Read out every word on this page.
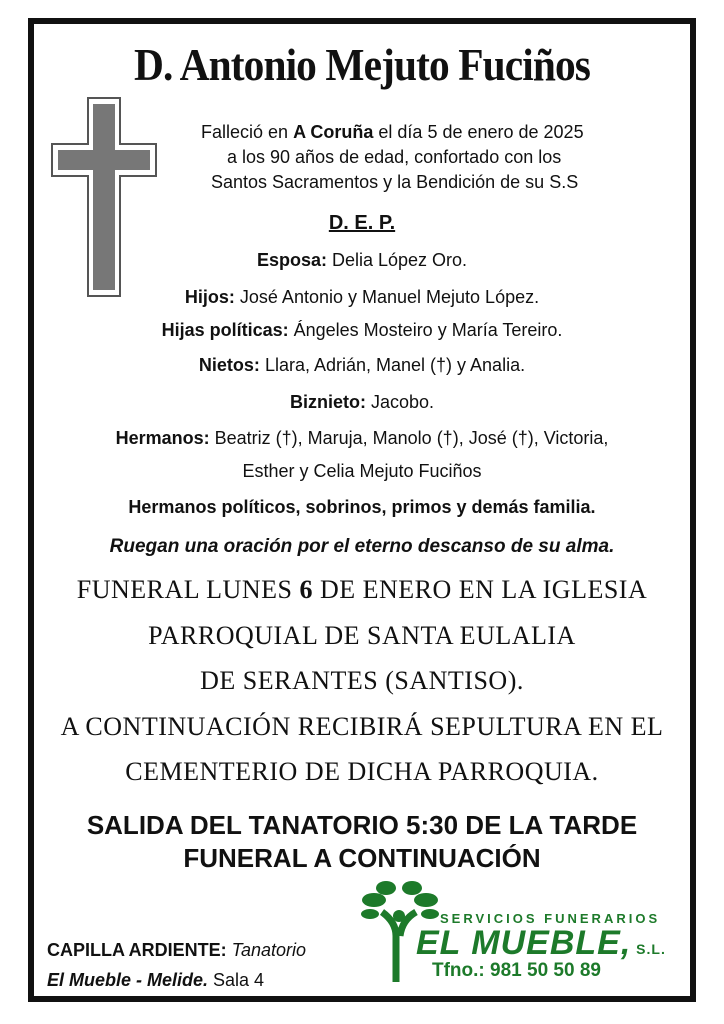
D. Antonio Mejuto Fuciños
Falleció en A Coruña el día 5 de enero de 2025
a los 90 años de edad, confortado con los
Santos Sacramentos y la Bendición de su S.S
D. E. P.
Esposa: Delia López Oro.
Hijos: José Antonio y Manuel Mejuto López.
Hijas políticas: Ángeles Mosteiro y María Tereiro.
Nietos: Llara, Adrián, Manel (†) y Analia.
Biznieto: Jacobo.
Hermanos: Beatriz (†), Maruja, Manolo (†), José (†), Victoria,
Esther y Celia Mejuto Fuciños
Hermanos políticos, sobrinos, primos y demás familia.
Ruegan una oración por el eterno descanso de su alma.
FUNERAL LUNES 6 DE ENERO EN LA IGLESIA
PARROQUIAL DE SANTA EULALIA
DE SERANTES (SANTISO).
A CONTINUACIÓN RECIBIRÁ SEPULTURA EN EL
CEMENTERIO DE DICHA PARROQUIA.
SALIDA DEL TANATORIO 5:30 DE LA TARDE
FUNERAL A CONTINUACIÓN
CAPILLA ARDIENTE: Tanatorio
El Mueble - Melide. Sala 4
SERVICIOS FUNERARIOS
EL MUEBLE, S.L.
Tfno.: 981 50 50 89
